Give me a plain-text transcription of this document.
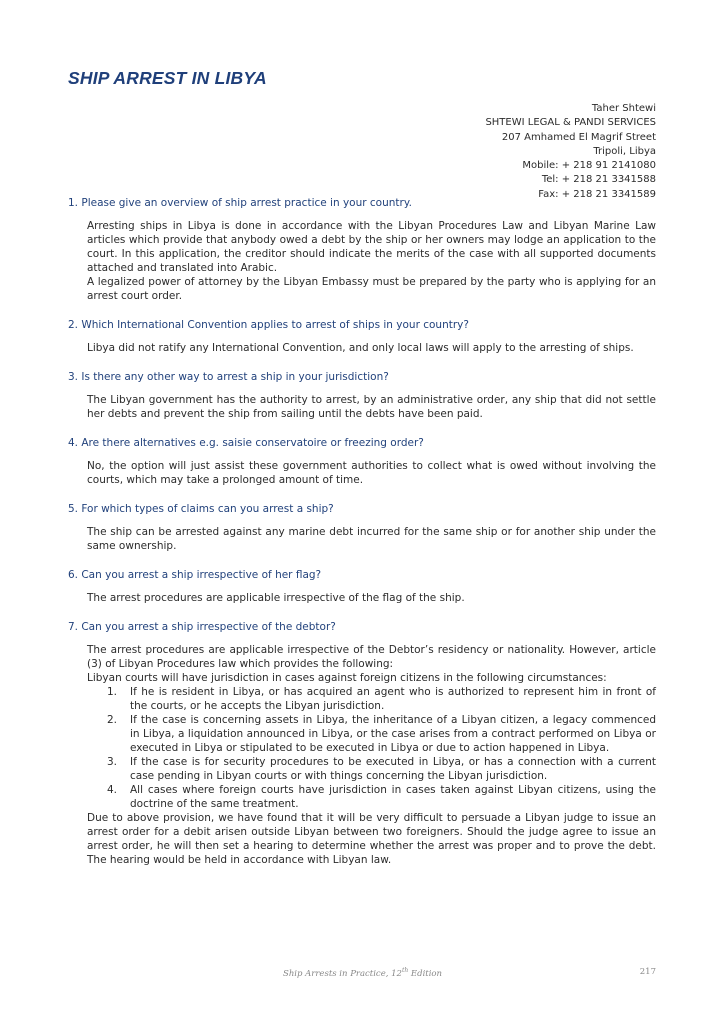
SHIP ARREST IN LIBYA
Taher Shtewi
SHTEWI LEGAL & PANDI SERVICES
207 Amhamed El Magrif Street
Tripoli, Libya
Mobile: + 218 91 2141080
Tel: + 218 21 3341588
Fax: + 218 21 3341589
1. Please give an overview of ship arrest practice in your country.

Arresting ships in Libya is done in accordance with the Libyan Procedures Law and Libyan Marine Law articles which provide that anybody owed a debt by the ship or her owners may lodge an application to the court. In this application, the creditor should indicate the merits of the case with all supported documents attached and translated into Arabic.

A legalized power of attorney by the Libyan Embassy must be prepared by the party who is applying for an arrest court order.

2. Which International Convention applies to arrest of ships in your country?

Libya did not ratify any International Convention, and only local laws will apply to the arresting of ships.

3. Is there any other way to arrest a ship in your jurisdiction?

The Libyan government has the authority to arrest, by an administrative order, any ship that did not settle her debts and prevent the ship from sailing until the debts have been paid.

4. Are there alternatives e.g. saisie conservatoire or freezing order?

No, the option will just assist these government authorities to collect what is owed without involving the courts, which may take a prolonged amount of time.

5. For which types of claims can you arrest a ship?

The ship can be arrested against any marine debt incurred for the same ship or for another ship under the same ownership.

6. Can you arrest a ship irrespective of her flag?

The arrest procedures are applicable irrespective of the flag of the ship.

7. Can you arrest a ship irrespective of the debtor?

The arrest procedures are applicable irrespective of the Debtor’s residency or nationality. However, article (3) of Libyan Procedures law which provides the following:

Libyan courts will have jurisdiction in cases against foreign citizens in the following circumstances:

1. If he is resident in Libya, or has acquired an agent who is authorized to represent him in front of the courts, or he accepts the Libyan jurisdiction.
2. If the case is concerning assets in Libya, the inheritance of a Libyan citizen, a legacy commenced in Libya, a liquidation announced in Libya, or the case arises from a contract performed on Libya or executed in Libya or stipulated to be executed in Libya or due to action happened in Libya.
3. If the case is for security procedures to be executed in Libya, or has a connection with a current case pending in Libyan courts or with things concerning the Libyan jurisdiction.
4. All cases where foreign courts have jurisdiction in cases taken against Libyan citizens, using the doctrine of the same treatment.

Due to above provision, we have found that it will be very difficult to persuade a Libyan judge to issue an arrest order for a debit arisen outside Libyan between two foreigners. Should the judge agree to issue an arrest order, he will then set a hearing to determine whether the arrest was proper and to prove the debt. The hearing would be held in accordance with Libyan law.

Ship Arrests in Practice, 12th Edition	217
